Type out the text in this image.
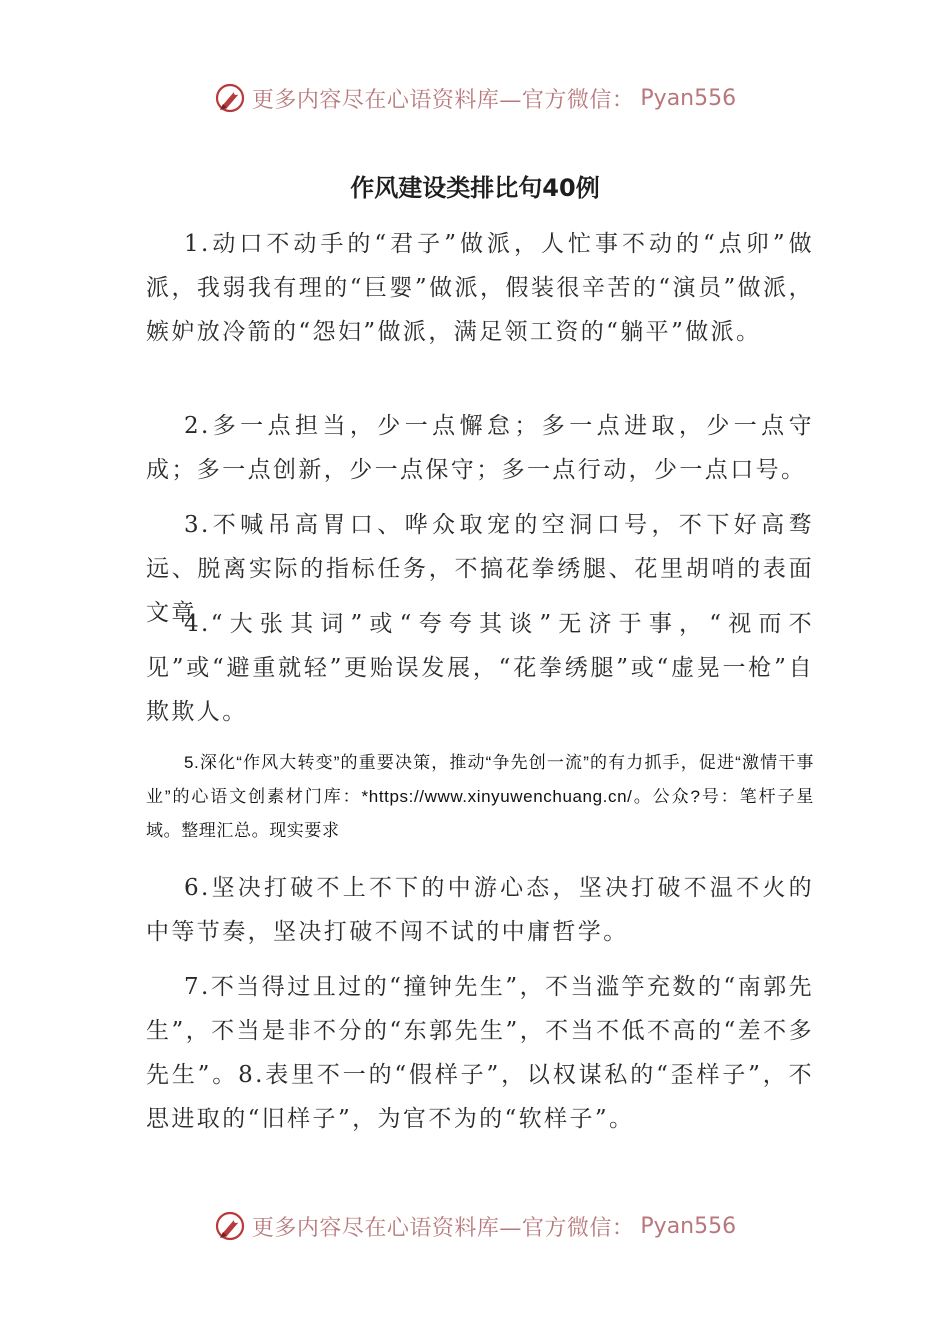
更多内容尽在心语资料库—官方微信： Pyan556
作风建设类排比句40例

1.动口不动手的“君子”做派，人忙事不动的“点卯”做派，我弱我有理的“巨婴”做派，假装很辛苦的“演员”做派，嫉妒放冷箭的“怨妇”做派，满足领工资的“躺平”做派。

2.多一点担当，少一点懈怠；多一点进取，少一点守成；多一点创新，少一点保守；多一点行动，少一点口号。

3.不喊吊高胃口、哗众取宠的空洞口号，不下好高骛远、脱离实际的指标任务，不搞花拳绣腿、花里胡哨的表面文章

4.“大张其词”或“夸夸其谈”无济于事，“视而不见”或“避重就轻”更贻误发展，“花拳绣腿”或“虚晃一枪”自欺欺人。

5.深化“作风大转变”的重要决策，推动“争先创一流”的有力抓手，促进“激情干事业”的心语文创素材门库：*https://www.xinyuwenchuang.cn/。公众?号：笔杆子星域。整理汇总。现实要求

6.坚决打破不上不下的中游心态，坚决打破不温不火的中等节奏，坚决打破不闯不试的中庸哲学。

7.不当得过且过的“撞钟先生”，不当滥竽充数的“南郭先生”，不当是非不分的“东郭先生”，不当不低不高的“差不多先生”。8.表里不一的“假样子”，以权谋私的“歪样子”，不思进取的“旧样子”，为官不为的“软样子”。

更多内容尽在心语资料库—官方微信： Pyan556
